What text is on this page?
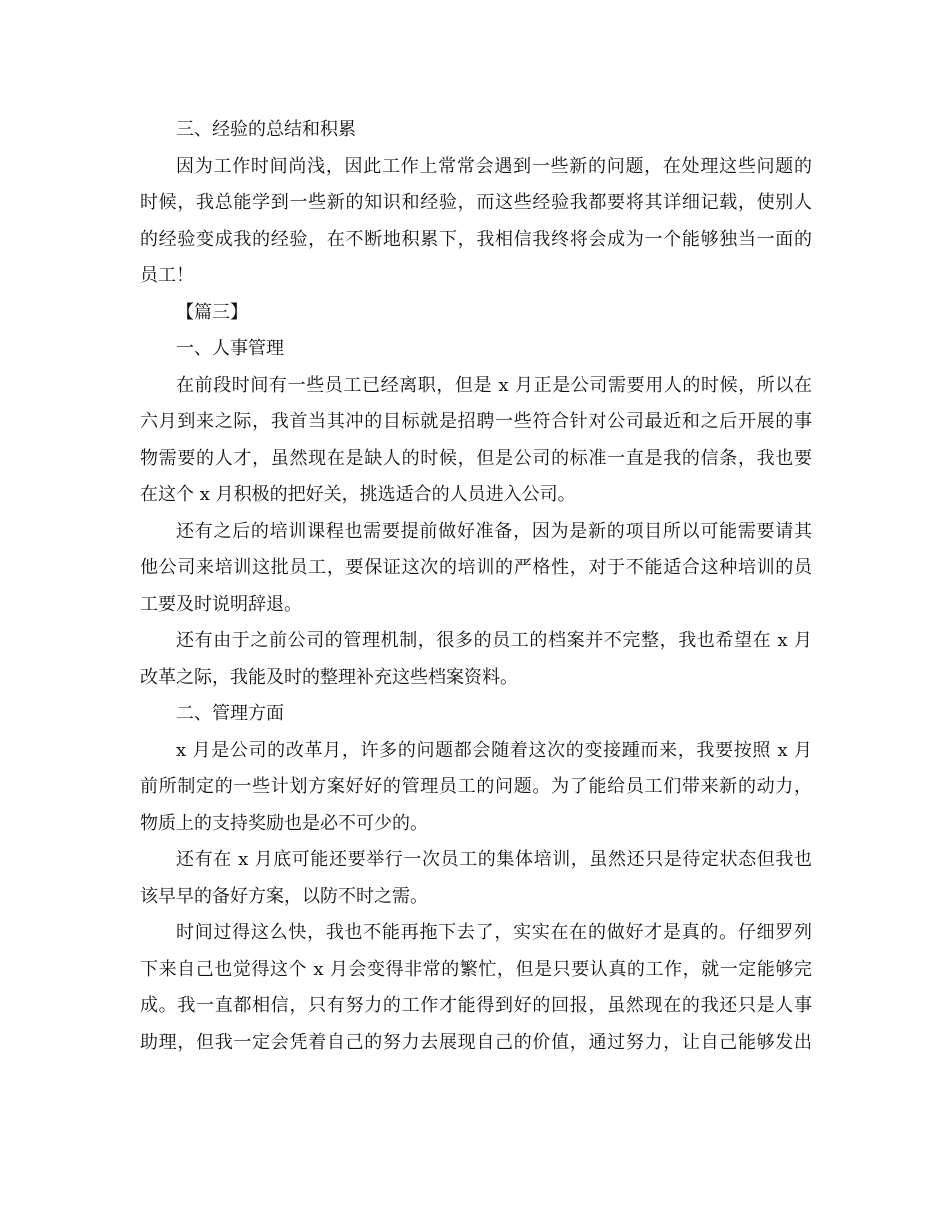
三、经验的总结和积累
因为工作时间尚浅，因此工作上常常会遇到一些新的问题，在处理这些问题的
时候，我总能学到一些新的知识和经验，而这些经验我都要将其详细记载，使别人
的经验变成我的经验，在不断地积累下，我相信我终将会成为一个能够独当一面的
员工！
【篇三】
一、人事管理
在前段时间有一些员工已经离职，但是 x 月正是公司需要用人的时候，所以在
六月到来之际，我首当其冲的目标就是招聘一些符合针对公司最近和之后开展的事
物需要的人才，虽然现在是缺人的时候，但是公司的标准一直是我的信条，我也要
在这个 x 月积极的把好关，挑选适合的人员进入公司。
还有之后的培训课程也需要提前做好准备，因为是新的项目所以可能需要请其
他公司来培训这批员工，要保证这次的培训的严格性，对于不能适合这种培训的员
工要及时说明辞退。
还有由于之前公司的管理机制，很多的员工的档案并不完整，我也希望在 x 月
改革之际，我能及时的整理补充这些档案资料。
二、管理方面
x 月是公司的改革月，许多的问题都会随着这次的变接踵而来，我要按照 x 月
前所制定的一些计划方案好好的管理员工的问题。为了能给员工们带来新的动力，
物质上的支持奖励也是必不可少的。
还有在 x 月底可能还要举行一次员工的集体培训，虽然还只是待定状态但我也
该早早的备好方案，以防不时之需。
时间过得这么快，我也不能再拖下去了，实实在在的做好才是真的。仔细罗列
下来自己也觉得这个 x 月会变得非常的繁忙，但是只要认真的工作，就一定能够完
成。我一直都相信，只有努力的工作才能得到好的回报，虽然现在的我还只是人事
助理，但我一定会凭着自己的努力去展现自己的价值，通过努力，让自己能够发出
